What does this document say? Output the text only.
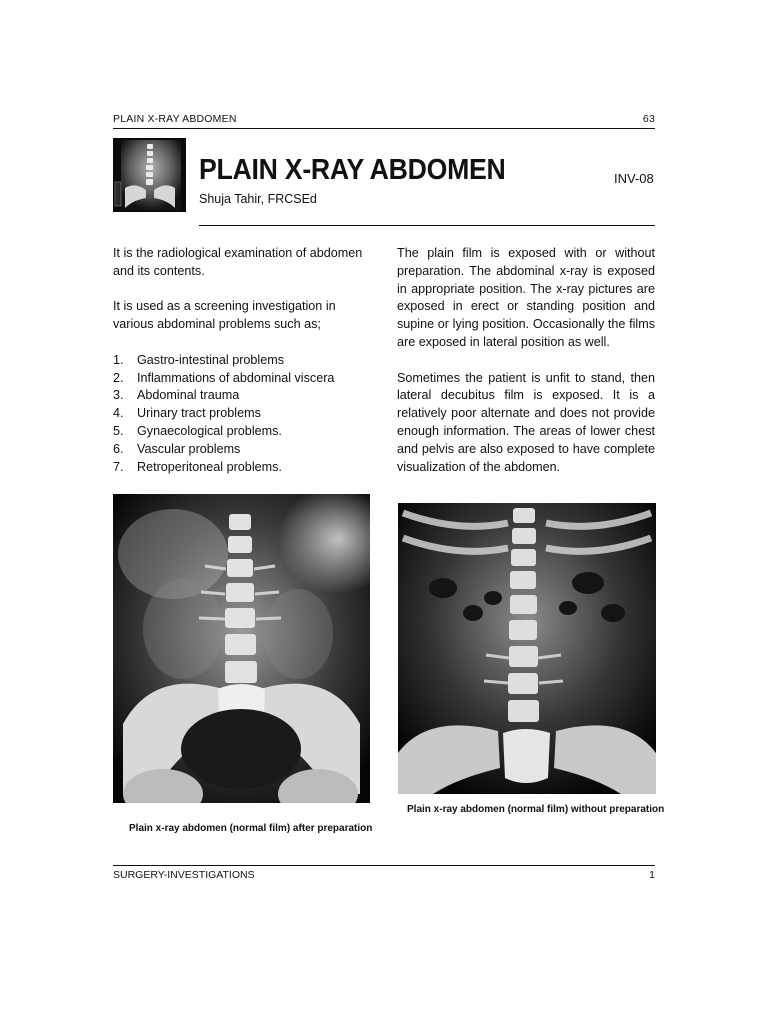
PLAIN X-RAY ABDOMEN	63
PLAIN X-RAY ABDOMEN
Shuja Tahir, FRCSEd
INV-08

It is the radiological examination of abdomen and its contents.

It is used as a screening investigation in various abdominal problems such as;

1. Gastro-intestinal problems
2. Inflammations of abdominal viscera
3. Abdominal trauma
4. Urinary tract problems
5. Gynaecological problems.
6. Vascular problems
7. Retroperitoneal problems.

The plain film is exposed with or without preparation. The abdominal x-ray is exposed in appropriate position. The x-ray pictures are exposed in erect or standing position and supine or lying position. Occasionally the films are exposed in lateral position as well.

Sometimes the patient is unfit to stand, then lateral decubitus film is exposed. It is a relatively poor alternate and does not provide enough information. The areas of lower chest and pelvis are also exposed to have complete visualization of the abdomen.

Plain x-ray abdomen (normal film) after preparation
Plain x-ray abdomen (normal film) without preparation
SURGERY-INVESTIGATIONS	1
